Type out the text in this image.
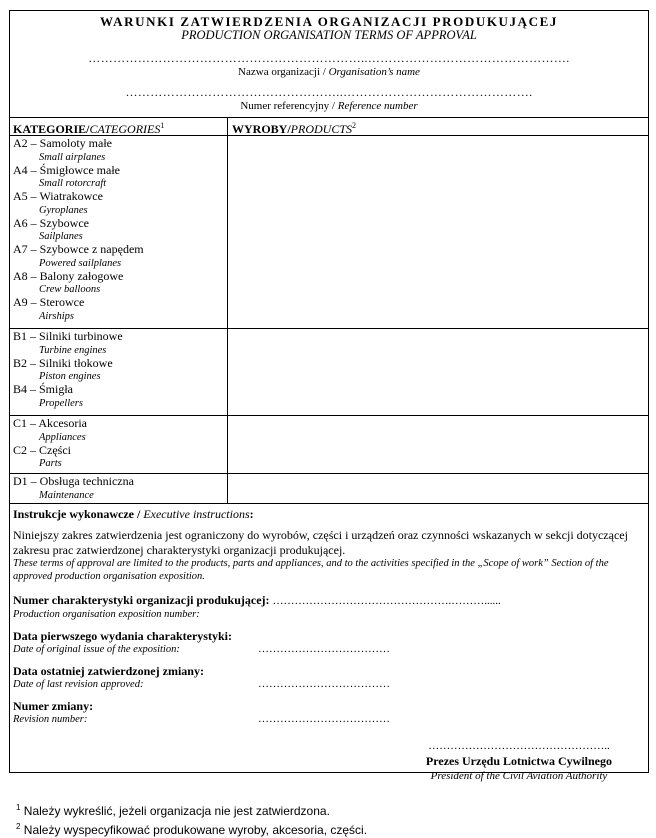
WARUNKI ZATWIERDZENIA ORGANIZACJI PRODUKUJĄCEJ
PRODUCTION ORGANISATION TERMS OF APPROVAL
…………………………………………………………..………………………………………….
Nazwa organizacji / Organisation’s name
……………………………………………..……………………………………….
Numer referencyjny / Reference number
KATEGORIE/CATEGORIES$^1$	WYROBY/PRODUCTS$^2$
A2 – Samoloty małe
Small airplanes
A4 – Śmigłowce małe
Small rotorcraft
A5 – Wiatrakowce
Gyroplanes
A6 – Szybowce
Sailplanes
A7 – Szybowce z napędem
Powered sailplanes
A8 – Balony załogowe
Crew balloons
A9 – Sterowce
Airships
B1 – Silniki turbinowe
Turbine engines
B2 – Silniki tłokowe
Piston engines
B4 – Śmigła
Propellers
C1 – Akcesoria
Appliances
C2 – Części
Parts
D1 – Obsługa techniczna
Maintenance
Instrukcje wykonawcze / Executive instructions:
Niniejszy zakres zatwierdzenia jest ograniczony do wyrobów, części i urządzeń oraz czynności wskazanych w sekcji dotyczącej zakresu prac zatwierdzonej charakterystyki organizacji produkującej.
These terms of approval are limited to the products, parts and appliances, and to the activities specified in the „Scope of work” Section of the approved production organisation exposition.
Numer charakterystyki organizacji produkującej: ………………………………………….………......
Production organisation exposition number:
Data pierwszego wydania charakterystyki:
Date of original issue of the exposition:	………………………………
Data ostatniej zatwierdzonej zmiany:
Date of last revision approved:	………………………………
Numer zmiany:
Revision number:	………………………………
…………………………………………..
Prezes Urzędu Lotnictwa Cywilnego
President of the Civil Aviation Authority
$^1$ Należy wykreślić, jeżeli organizacja nie jest zatwierdzona.
$^2$ Należy wyspecyfikować produkowane wyroby, akcesoria, części.
